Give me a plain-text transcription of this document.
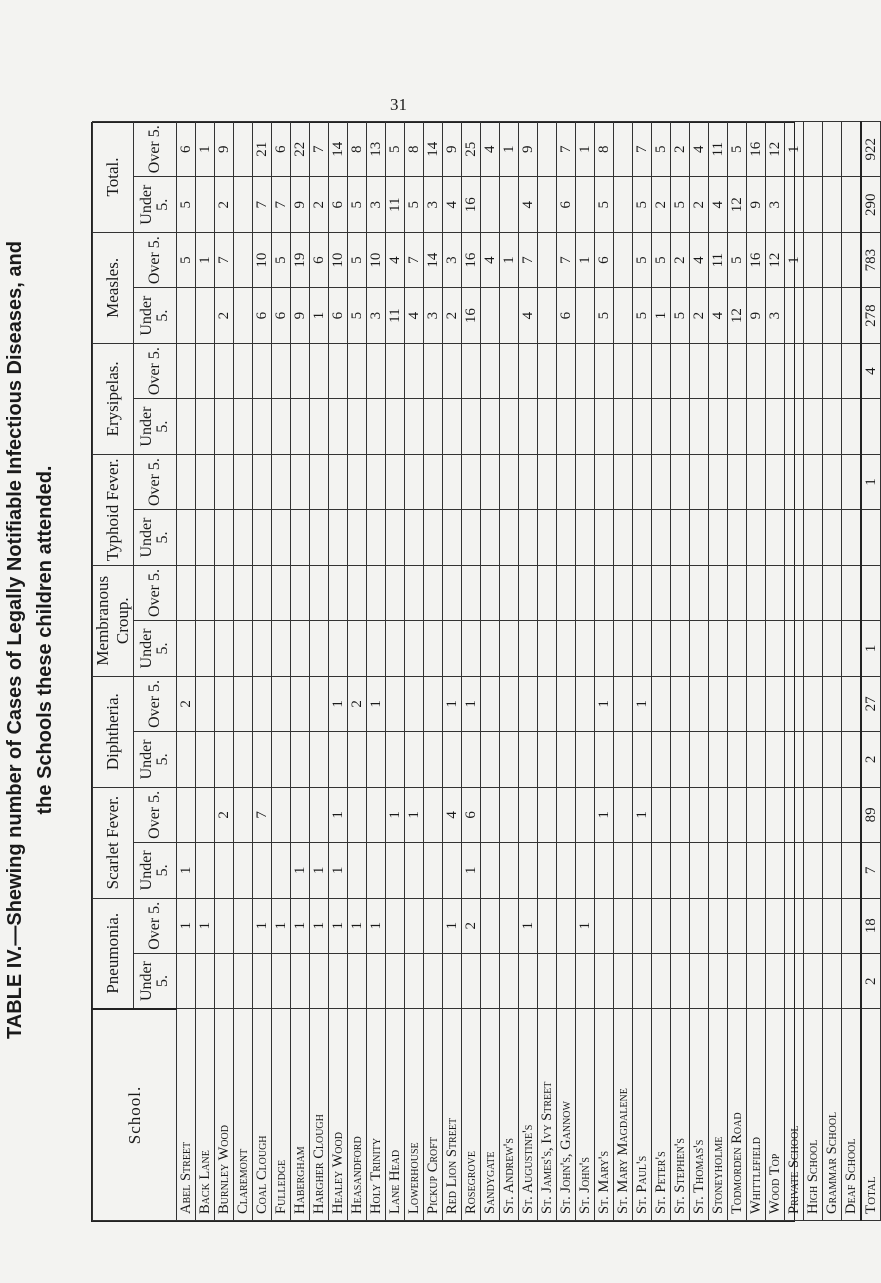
31
TABLE IV.—Shewing number of Cases of Legally Notifiable Infectious Diseases, and the Schools these children attended.
School.	Pneumonia.		Scarlet Fever.		Diphtheria.		Membranous Croup.		Typhoid Fever.		Erysipelas.		Measles.		Total.	
	Under 5.	Over 5.	Under 5.	Over 5.	Under 5.	Over 5.	Under 5.	Over 5.	Under 5.	Over 5.	Under 5.	Over 5.	Under 5.	Over 5.	Under 5.	Over 5.
Abel Street		1	1			2								5	5	6
Back Lane		1												1		1
Burnley Wood				2									2	7	2	9
Claremont																
Coal Clough		1		7									6	10	7	21
Fulledge		1											6	5	7	6
Habergham		1	1										9	19	9	22
Hargher Clough		1	1										1	6	2	7
Healey Wood		1	1	1		1							6	10	6	14
Heasandford		1				2							5	5	5	8
Holy Trinity		1				1							3	10	3	13
Lane Head				1									11	4	11	5
Lowerhouse				1									4	7	5	8
Pickup Croft													3	14	3	14
Red Lion Street		1		4		1							2	3	4	9
Rosegrove		2	1	6		1							16	16	16	25
Sandygate														4		4
St. Andrew's														1		1
St. Augustine's		1											4	7	4	9
St. James's, Ivy Street																
St. John's, Gannow													6	7	6	7
St. John's		1												1		1
St. Mary's				1		1							5	6	5	8
St. Mary Magdalene																
St. Paul's				1		1							5	5	5	7
St. Peter's													1	5	2	5
St. Stephen's													5	2	5	2
St. Thomas's													2	4	2	4
Stoneyholme													4	11	4	11
Todmorden Road													12	5	12	5
Whittlefield													9	16	9	16
Wood Top													3	12	3	12
Private School														1		1
High School																
Grammar School																
Deaf School																
Total	2	18	7	89	2	27	1			1		4	278	783	290	922
